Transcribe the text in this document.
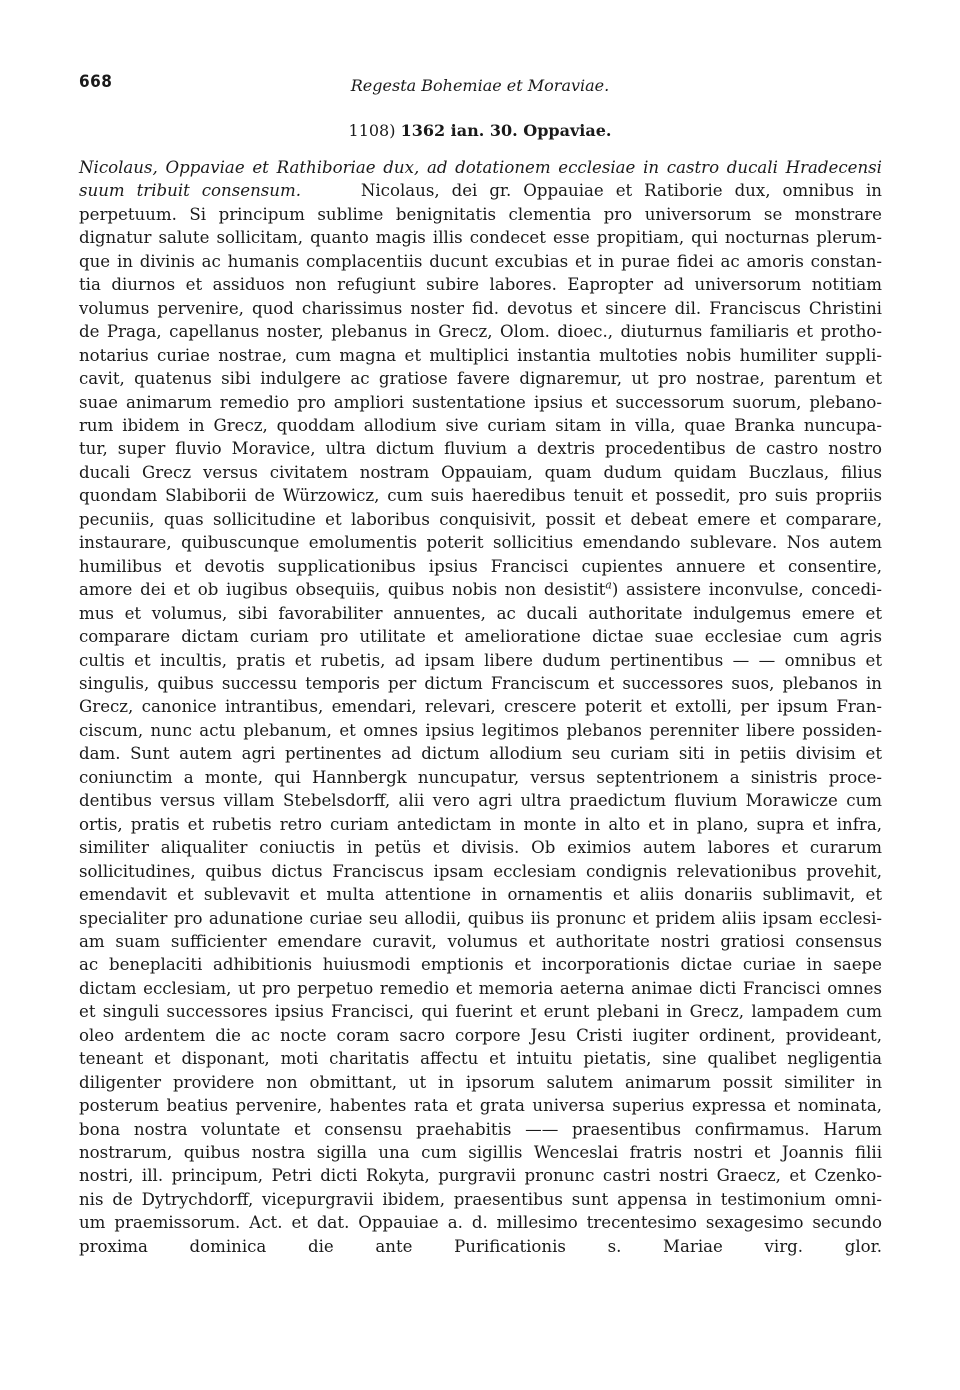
668	Regesta Bohemiae et Moraviae.
1108) 1362 ian. 30. Oppaviae.
Nicolaus, Oppaviae et Rathiboriae dux, ad dotationem ecclesiae in castro ducali Hradecensi
suum tribuit consensum.     Nicolaus, dei gr. Oppauiae et Ratiborie dux, omnibus in
perpetuum. Si principum sublime benignitatis clementia pro universorum se monstrare
dignatur salute sollicitam, quanto magis illis condecet esse propitiam, qui nocturnas plerum-
que in divinis ac humanis complacentiis ducunt excubias et in purae fidei ac amoris constan-
tia diurnos et assiduos non refugiunt subire labores. Eapropter ad universorum notitiam
volumus pervenire, quod charissimus noster fid. devotus et sincere dil. Franciscus Christini
de Praga, capellanus noster, plebanus in Grecz, Olom. dioec., diuturnus familiaris et prothо-
notarius curiae nostrae, cum magna et multiplici instantia multoties nobis humiliter suppli-
cavit, quatenus sibi indulgere ac gratiose favere dignaremur, ut pro nostrae, parentum et
suae animarum remedio pro ampliori sustentatione ipsius et successorum suorum, plebano-
rum ibidem in Grecz, quoddam allodium sive curiam sitam in villa, quae Branka nuncupa-
tur, super fluvio Moravice, ultra dictum fluvium a dextris procedentibus de castro nostro
ducali Grecz versus civitatem nostram Oppauiam, quam dudum quidam Buczlaus, filius
quondam Slabiborii de Würzowicz, cum suis haeredibus tenuit et possedit, pro suis propriis
pecuniis, quas sollicitudine et laboribus conquisivit, possit et debeat emere et comparare,
instaurare, quibuscunque emolumentis poterit sollicitius emendando sublevare. Nos autem
humilibus et devotis supplicationibus ipsius Francisci cupientes annuere et consentire,
amore dei et ob iugibus obsequiis, quibus nobis non desistit$^a$) assistere inconvulse, concedi-
mus et volumus, sibi favorabiliter annuentes, ac ducali authoritate indulgemus emere et
comparare dictam curiam pro utilitate et amelioratione dictae suae ecclesiae cum agris
cultis et incultis, pratis et rubetis, ad ipsam libere dudum pertinentibus — — omnibus et
singulis, quibus successu temporis per dictum Franciscum et successores suos, plebanos in
Grecz, canonice intrantibus, emendari, relevari, crescere poterit et extolli, per ipsum Fran-
ciscum, nunc actu plebanum, et omnes ipsius legitimos plebanos perenniter libere possiden-
dam. Sunt autem agri pertinentes ad dictum allodium seu curiam siti in petiis divisim et
coniunctim a monte, qui Hannbergk nuncupatur, versus septentrionem a sinistris proce-
dentibus versus villam Stebelsdorff, alii vero agri ultra praedictum fluvium Morawicze cum
ortis, pratis et rubetis retro curiam antedictam in monte in alto et in plano, supra et infra,
similiter aliqualiter coniuctis in petüs et divisis. Ob eximios autem labores et curarum
sollicitudines, quibus dictus Franciscus ipsam ecclesiam condignis relevationibus provehit,
emendavit et sublevavit et multa attentione in ornamentis et aliis donariis sublimavit, et
specialiter pro adunatione curiae seu allodii, quibus iis pronunc et pridem aliis ipsam ecclesi-
am suam sufficienter emendare curavit, volumus et authoritate nostri gratiosi consensus
ac beneplaciti adhibitionis huiusmodi emptionis et incorporationis dictae curiae in saepe
dictam ecclesiam, ut pro perpetuo remedio et memoria aeterna animae dicti Francisci omnes
et singuli successores ipsius Francisci, qui fuerint et erunt plebani in Grecz, lampadem cum
oleo ardentem die ac nocte coram sacro corpore Jesu Cristi iugiter ordinent, provideant,
teneant et disponant, moti charitatis affectu et intuitu pietatis, sine qualibet negligentia
diligenter providere non obmittant, ut in ipsorum salutem animarum possit similiter in
posterum beatius pervenire, habentes rata et grata universa superius expressa et nominata,
bona nostra voluntate et consensu praehabitis —— praesentibus confirmamus. Harum
nostrarum, quibus nostra sigilla una cum sigillis Wenceslai fratris nostri et Joannis filii
nostri, ill. principum, Petri dicti Rokyta, purgravii pronunc castri nostri Graecz, et Czenko-
nis de Dytrychdorff, vicepurgravii ibidem, praesentibus sunt appensa in testimonium omni-
um praemissorum. Act. et dat. Oppauiae a. d. millesimo trecentesimo sexagesimo secundo
proxima dominica die ante Purificationis s. Mariae virg. glor.
